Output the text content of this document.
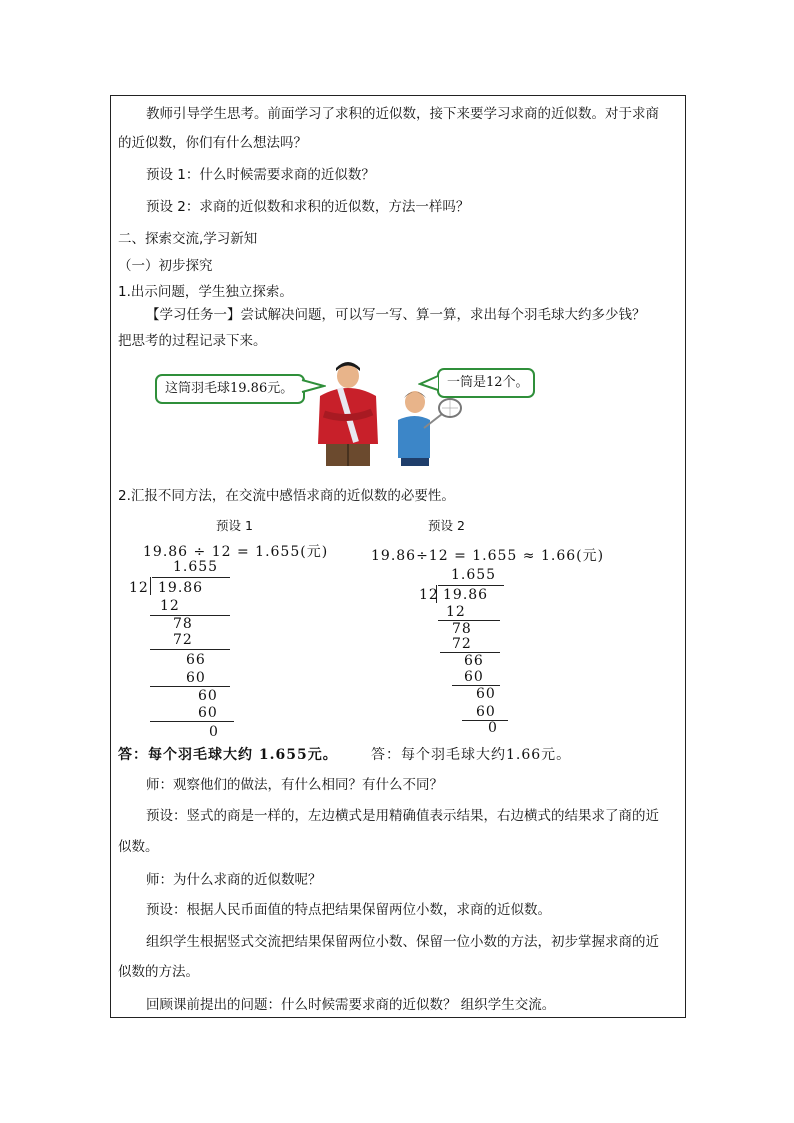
教师引导学生思考。前面学习了求积的近似数，接下来要学习求商的近似数。对于求商
的近似数，你们有什么想法吗？
预设 1：什么时候需要求商的近似数？
预设 2：求商的近似数和求积的近似数，方法一样吗？
二、探索交流,学习新知
（一）初步探究
1.出示问题，学生独立探索。
【学习任务一】尝试解决问题，可以写一写、算一算，求出每个羽毛球大约多少钱？
把思考的过程记录下来。
这筒羽毛球19.86元。	一筒是12个。
2.汇报不同方法，在交流中感悟求商的近似数的必要性。
预设 1
19.86 ÷ 12 = 1.655(元)
1.655
12 19.86
12
78
72
66
60
60
60
0
答：每个羽毛球大约 1.655元。
预设 2
19.86÷12 = 1.655 ≈ 1.66(元)
1.655
12 19.86
12
78
72
66
60
60
60
0
答：每个羽毛球大约1.66元。
师：观察他们的做法，有什么相同？有什么不同？
预设：竖式的商是一样的，左边横式是用精确值表示结果，右边横式的结果求了商的近
似数。
师：为什么求商的近似数呢？
预设：根据人民币面值的特点把结果保留两位小数，求商的近似数。
组织学生根据竖式交流把结果保留两位小数、保留一位小数的方法，初步掌握求商的近
似数的方法。
回顾课前提出的问题：什么时候需要求商的近似数？ 组织学生交流。
